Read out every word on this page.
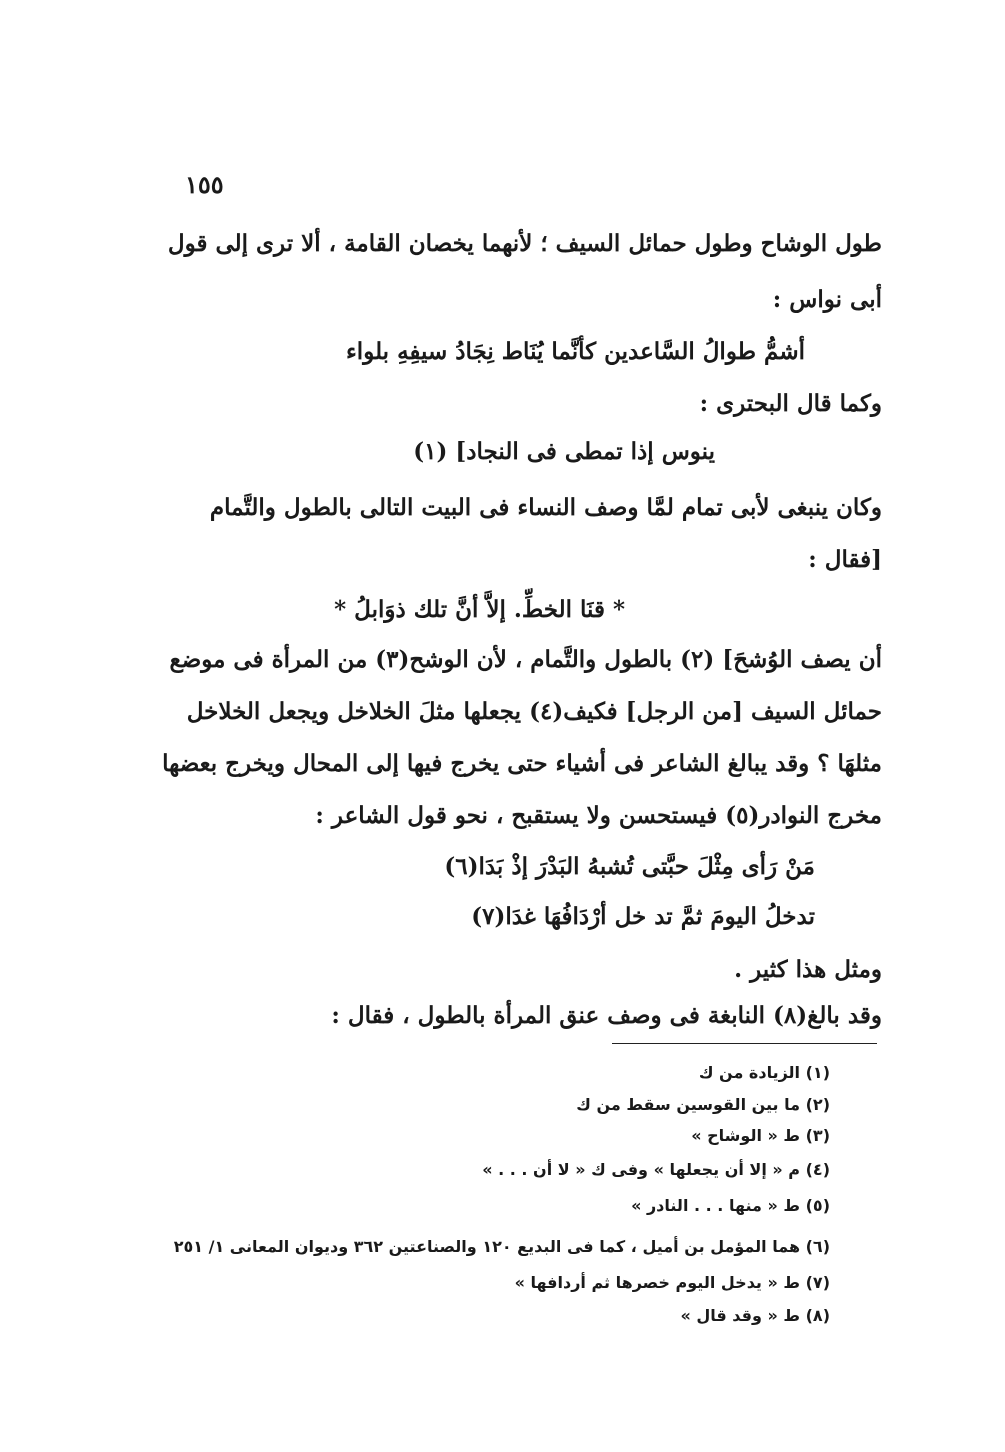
١٥٥
طول الوشاح وطول حمائل السيف ؛ لأنهما يخصان القامة ، ألا ترى إلى قول
أبى نواس :
أشمُّ طوالُ السَّاعدين كأنَّما يُنَاط نِجَادُ سيفِهِ بلواء
وكما قال البحترى :
ينوس إذا تمطى فى النجاد] (١)
وكان ينبغى لأبى تمام لمَّا وصف النساء فى البيت التالى بالطول والتَّمام
[فقال :
* قنَا الخطِّ. إلاَّ أنَّ تلك ذوَابلُ *
أن يصف الوُشحَ] (٢) بالطول والتَّمام ، لأن الوشح(٣) من المرأة فى موضع
حمائل السيف [من الرجل] فكيف(٤) يجعلها مثلَ الخلاخل ويجعل الخلاخل
مثلهَا ؟ وقد يبالغ الشاعر فى أشياء حتى يخرج فيها إلى المحال ويخرج بعضها
مخرج النوادر(٥) فيستحسن ولا يستقبح ، نحو قول الشاعر :
مَنْ رَأى مِثْلَ حبَّتى تُشبهُ البَدْرَ إذْ بَدَا(٦)
تدخلُ اليومَ ثمَّ تد خل أرْدَافُهَا غدَا(٧)
ومثل هذا كثير .
وقد بالغ(٨) النابغة فى وصف عنق المرأة بالطول ، فقال :
(١) الزيادة من ك
(٢) ما بين القوسين سقط من ك
(٣) ط « الوشاح »
(٤) م « إلا أن يجعلها » وفى ك « لا أن . . . »
(٥) ط « منها . . . النادر »
(٦) هما المؤمل بن أميل ، كما فى البديع ١٢٠ والصناعتين ٣٦٢ وديوان المعانى ١/ ٢٥١
(٧) ط « يدخل اليوم خصرها ثم أردافها »
(٨) ط « وقد قال »
